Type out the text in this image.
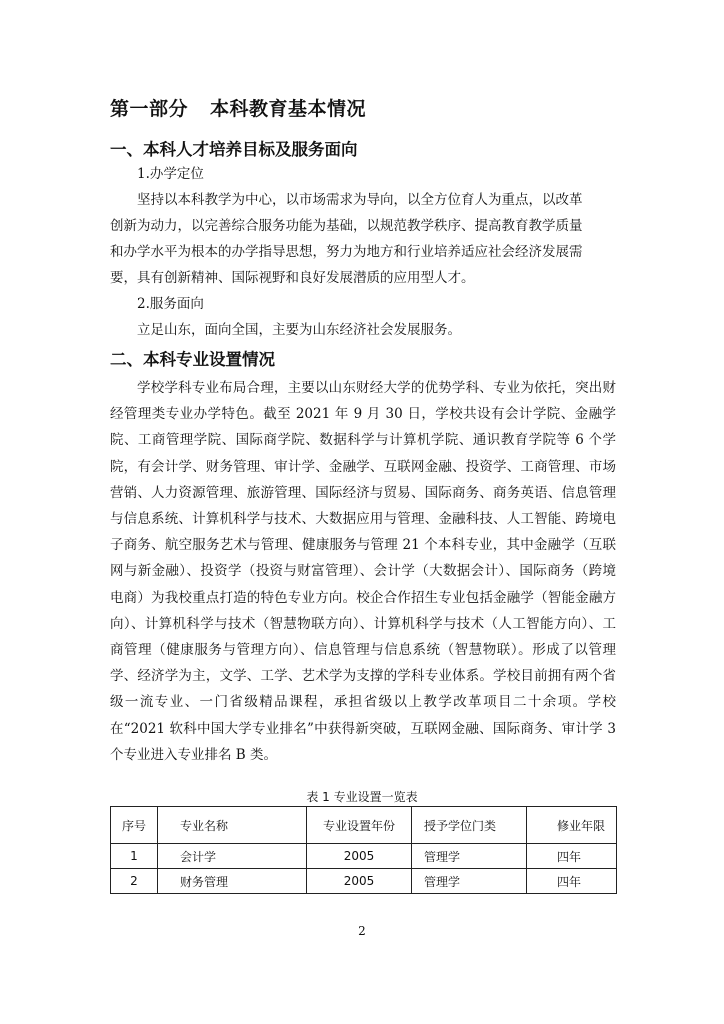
第一部分 本科教育基本情况
一、本科人才培养目标及服务面向
1.办学定位
坚持以本科教学为中心，以市场需求为导向，以全方位育人为重点，以改革
创新为动力，以完善综合服务功能为基础，以规范教学秩序、提高教育教学质量
和办学水平为根本的办学指导思想，努力为地方和行业培养适应社会经济发展需
要，具有创新精神、国际视野和良好发展潜质的应用型人才。
2.服务面向
立足山东，面向全国，主要为山东经济社会发展服务。
二、本科专业设置情况

学校学科专业布局合理，主要以山东财经大学的优势学科、专业为依托，突出财经管理类专业办学特色。截至 2021 年 9 月 30 日，学校共设有会计学院、金融学院、工商管理学院、国际商学院、数据科学与计算机学院、通识教育学院等 6 个学院，有会计学、财务管理、审计学、金融学、互联网金融、投资学、工商管理、市场营销、人力资源管理、旅游管理、国际经济与贸易、国际商务、商务英语、信息管理与信息系统、计算机科学与技术、大数据应用与管理、金融科技、人工智能、跨境电子商务、航空服务艺术与管理、健康服务与管理 21 个本科专业，其中金融学（互联网与新金融）、投资学（投资与财富管理）、会计学（大数据会计）、国际商务（跨境电商）为我校重点打造的特色专业方向。校企合作招生专业包括金融学（智能金融方向）、计算机科学与技术（智慧物联方向）、计算机科学与技术（人工智能方向）、工商管理（健康服务与管理方向）、信息管理与信息系统（智慧物联）。形成了以管理学、经济学为主，文学、工学、艺术学为支撑的学科专业体系。学校目前拥有两个省级一流专业、一门省级精品课程，承担省级以上教学改革项目二十余项。学校在“2021 软科中国大学专业排名”中获得新突破，互联网金融、国际商务、审计学 3 个专业进入专业排名 B 类。

表 1 专业设置一览表
序号	专业名称	专业设置年份	授予学位门类	修业年限
1	会计学	2005	管理学	四年
2	财务管理	2005	管理学	四年
2
